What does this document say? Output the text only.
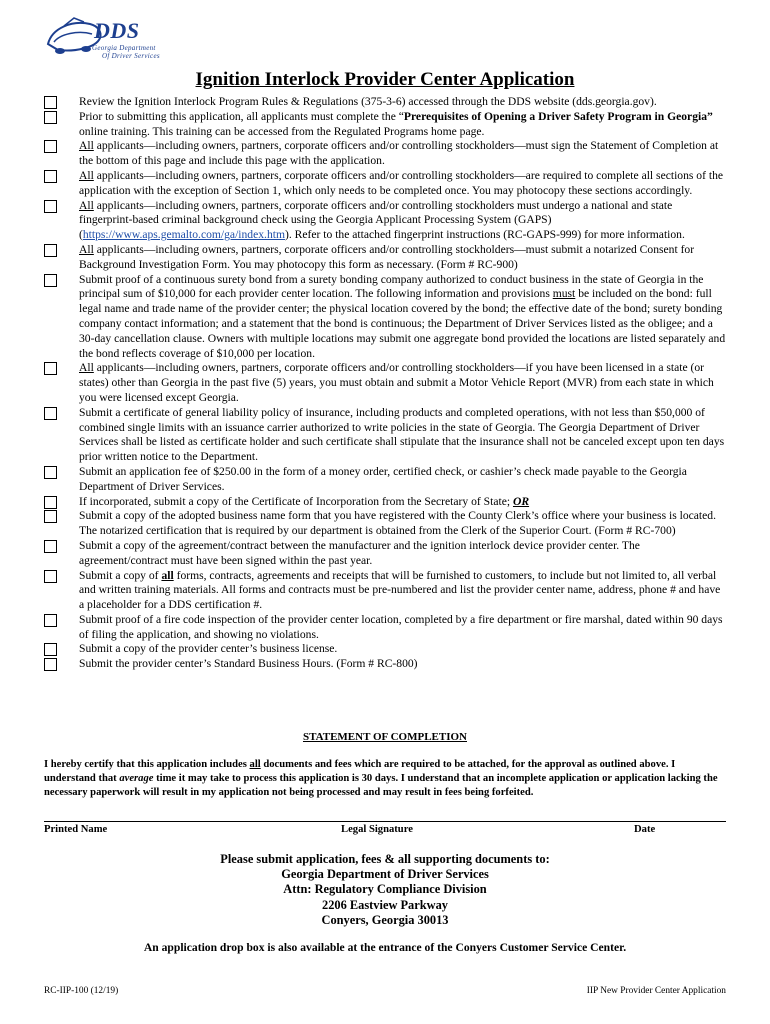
DDS
Georgia Department
Of Driver Services
Ignition Interlock Provider Center Application
Review the Ignition Interlock Program Rules & Regulations (375-3-6) accessed through the DDS website (dds.georgia.gov).
Prior to submitting this application, all applicants must complete the “Prerequisites of Opening a Driver Safety Program in Georgia” online training. This training can be accessed from the Regulated Programs home page.
All applicants—including owners, partners, corporate officers and/or controlling stockholders—must sign the Statement of Completion at the bottom of this page and include this page with the application.
All applicants—including owners, partners, corporate officers and/or controlling stockholders—are required to complete all sections of the application with the exception of Section 1, which only needs to be completed once. You may photocopy these sections accordingly.
All applicants—including owners, partners, corporate officers and/or controlling stockholders must undergo a national and state fingerprint-based criminal background check using the Georgia Applicant Processing System (GAPS) (https://www.aps.gemalto.com/ga/index.htm). Refer to the attached fingerprint instructions (RC-GAPS-999) for more information.
All applicants—including owners, partners, corporate officers and/or controlling stockholders—must submit a notarized Consent for Background Investigation Form. You may photocopy this form as necessary. (Form # RC-900)
Submit proof of a continuous surety bond from a surety bonding company authorized to conduct business in the state of Georgia in the principal sum of $10,000 for each provider center location. The following information and provisions must be included on the bond: full legal name and trade name of the provider center; the physical location covered by the bond; the effective date of the bond; surety bonding company contact information; and a statement that the bond is continuous; the Department of Driver Services listed as the obligee; and a 30-day cancellation clause. Owners with multiple locations may submit one aggregate bond provided the locations are listed separately and the bond reflects coverage of $10,000 per location.
All applicants—including owners, partners, corporate officers and/or controlling stockholders—if you have been licensed in a state (or states) other than Georgia in the past five (5) years, you must obtain and submit a Motor Vehicle Report (MVR) from each state in which you were licensed except Georgia.
Submit a certificate of general liability policy of insurance, including products and completed operations, with not less than $50,000 of combined single limits with an issuance carrier authorized to write policies in the state of Georgia. The Georgia Department of Driver Services shall be listed as certificate holder and such certificate shall stipulate that the insurance shall not be canceled except upon ten days prior written notice to the Department.
Submit an application fee of $250.00 in the form of a money order, certified check, or cashier’s check made payable to the Georgia Department of Driver Services.
If incorporated, submit a copy of the Certificate of Incorporation from the Secretary of State; OR
Submit a copy of the adopted business name form that you have registered with the County Clerk’s office where your business is located. The notarized certification that is required by our department is obtained from the Clerk of the Superior Court. (Form # RC-700)
Submit a copy of the agreement/contract between the manufacturer and the ignition interlock device provider center. The agreement/contract must have been signed within the past year.
Submit a copy of all forms, contracts, agreements and receipts that will be furnished to customers, to include but not limited to, all verbal and written training materials. All forms and contracts must be pre-numbered and list the provider center name, address, phone # and have a placeholder for a DDS certification #.
Submit proof of a fire code inspection of the provider center location, completed by a fire department or fire marshal, dated within 90 days of filing the application, and showing no violations.
Submit a copy of the provider center’s business license.
Submit the provider center’s Standard Business Hours. (Form # RC-800)
STATEMENT OF COMPLETION
I hereby certify that this application includes all documents and fees which are required to be attached, for the approval as outlined above. I understand that average time it may take to process this application is 30 days. I understand that an incomplete application or application lacking the necessary paperwork will result in my application not being processed and may result in fees being forfeited.
Printed Name	Legal Signature	Date
Please submit application, fees & all supporting documents to:
Georgia Department of Driver Services
Attn: Regulatory Compliance Division
2206 Eastview Parkway
Conyers, Georgia 30013
An application drop box is also available at the entrance of the Conyers Customer Service Center.
RC-IIP-100 (12/19)	IIP New Provider Center Application
